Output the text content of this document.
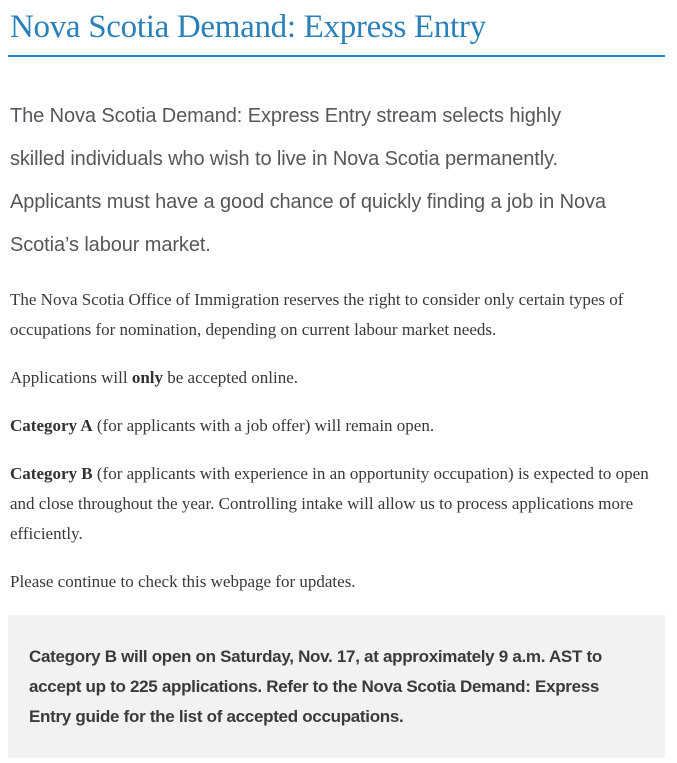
Nova Scotia Demand: Express Entry

The Nova Scotia Demand: Express Entry stream selects highly skilled individuals who wish to live in Nova Scotia permanently. Applicants must have a good chance of quickly finding a job in Nova Scotia’s labour market.

The Nova Scotia Office of Immigration reserves the right to consider only certain types of occupations for nomination, depending on current labour market needs.

Applications will only be accepted online.

Category A (for applicants with a job offer) will remain open.

Category B (for applicants with experience in an opportunity occupation) is expected to open and close throughout the year. Controlling intake will allow us to process applications more efficiently.

Please continue to check this webpage for updates.

Category B will open on Saturday, Nov. 17, at approximately 9 a.m. AST to accept up to 225 applications. Refer to the Nova Scotia Demand: Express Entry guide for the list of accepted occupations.
